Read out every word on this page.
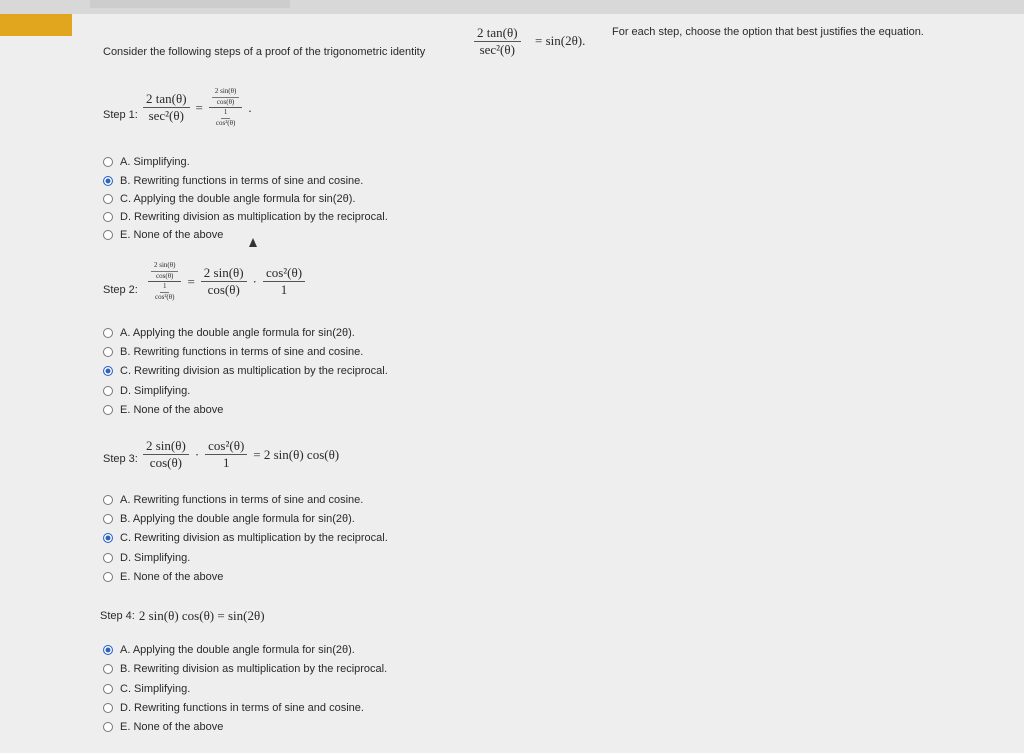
Consider the following steps of a proof of the trigonometric identity	$\frac{2 \tan(\theta)}{\text{sec²(θ)}} = \sin(2\theta)$.
For each step, choose the option that best justifies the equation.
Step 1: $\frac{2 \tan(\theta)}{\text{sec²(θ)}} = \frac{\frac{2 \sin(\theta)}{\cos(\theta)}}{\frac{1}{\text{cos²(θ)}}}$ .
A. Simplifying.
B. Rewriting functions in terms of sine and cosine.
C. Applying the double angle formula for sin(2θ).
D. Rewriting division as multiplication by the reciprocal.
E. None of the above
Step 2: $\frac{\frac{2 \sin(\theta)}{\cos(\theta)}}{\frac{1}{\text{cos²(θ)}}} = \frac{2 \sin(\theta)}{\cos(\theta)} \cdot \frac{\text{cos²(θ)}}{1}$
A. Applying the double angle formula for sin(2θ).
B. Rewriting functions in terms of sine and cosine.
C. Rewriting division as multiplication by the reciprocal.
D. Simplifying.
E. None of the above
Step 3: $\frac{2 \sin(\theta)}{\cos(\theta)} \cdot \frac{\text{cos²(θ)}}{1} = 2$ sin(θ) cos(θ)
A. Rewriting functions in terms of sine and cosine.
B. Applying the double angle formula for sin(2θ).
C. Rewriting division as multiplication by the reciprocal.
D. Simplifying.
E. None of the above
Step 4: 2 sin(θ) cos(θ) = sin(2θ)
A. Applying the double angle formula for sin(2θ).
B. Rewriting division as multiplication by the reciprocal.
C. Simplifying.
D. Rewriting functions in terms of sine and cosine.
E. None of the above
